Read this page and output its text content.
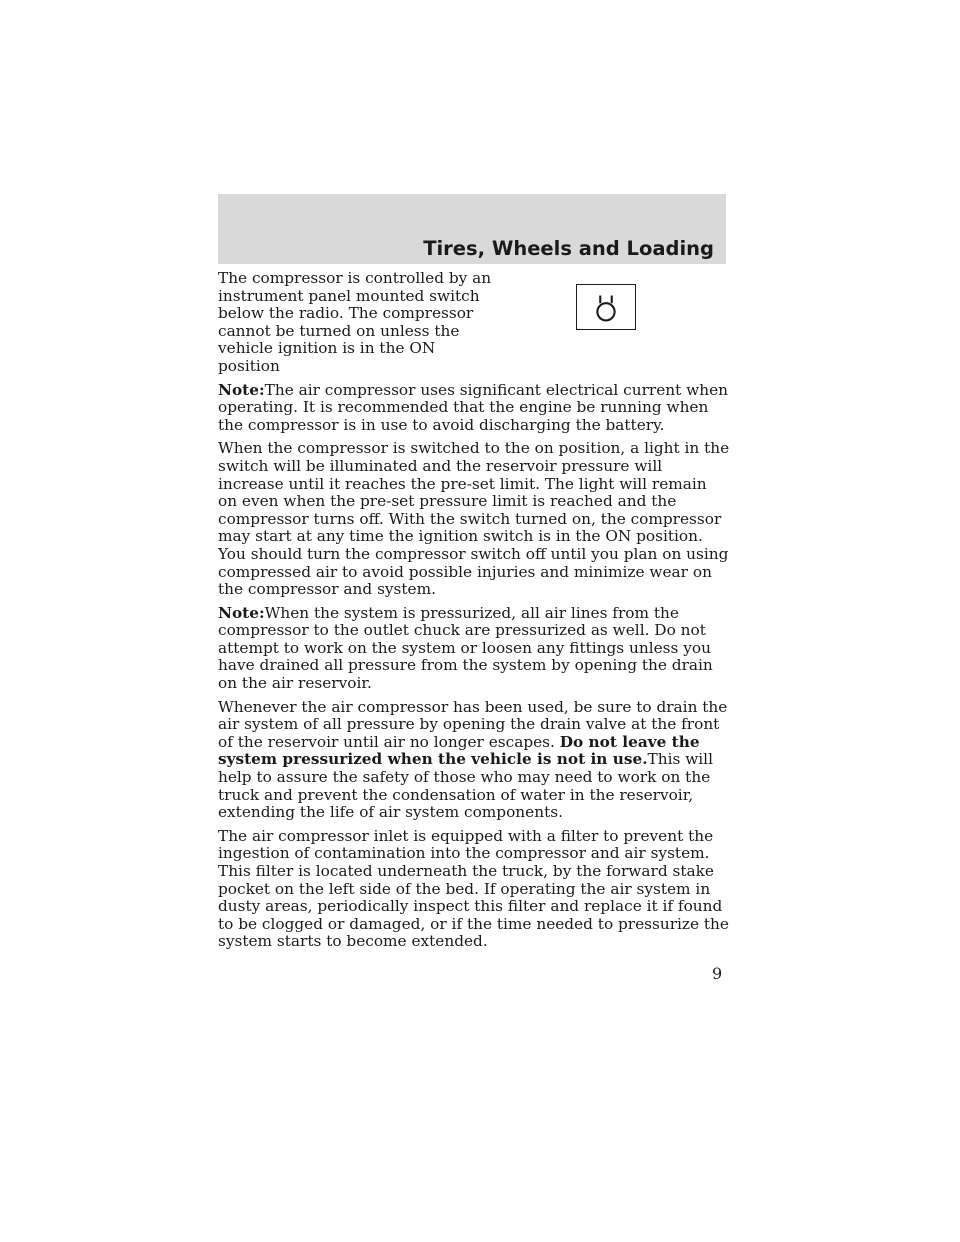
Tires, Wheels and Loading

The compressor is controlled by an instrument panel mounted switch below the radio. The compressor cannot be turned on unless the vehicle ignition is in the ON position

Note:The air compressor uses significant electrical current when operating. It is recommended that the engine be running when the compressor is in use to avoid discharging the battery.

When the compressor is switched to the on position, a light in the switch will be illuminated and the reservoir pressure will increase until it reaches the pre-set limit. The light will remain on even when the pre-set pressure limit is reached and the compressor turns off. With the switch turned on, the compressor may start at any time the ignition switch is in the ON position. You should turn the compressor switch off until you plan on using compressed air to avoid possible injuries and minimize wear on the compressor and system.

Note:When the system is pressurized, all air lines from the compressor to the outlet chuck are pressurized as well. Do not attempt to work on the system or loosen any fittings unless you have drained all pressure from the system by opening the drain on the air reservoir.

Whenever the air compressor has been used, be sure to drain the air system of all pressure by opening the drain valve at the front of the reservoir until air no longer escapes. Do not leave the system pressurized when the vehicle is not in use.This will help to assure the safety of those who may need to work on the truck and prevent the condensation of water in the reservoir, extending the life of air system components.

The air compressor inlet is equipped with a filter to prevent the ingestion of contamination into the compressor and air system. This filter is located underneath the truck, by the forward stake pocket on the left side of the bed. If operating the air system in dusty areas, periodically inspect this filter and replace it if found to be clogged or damaged, or if the time needed to pressurize the system starts to become extended.

9
